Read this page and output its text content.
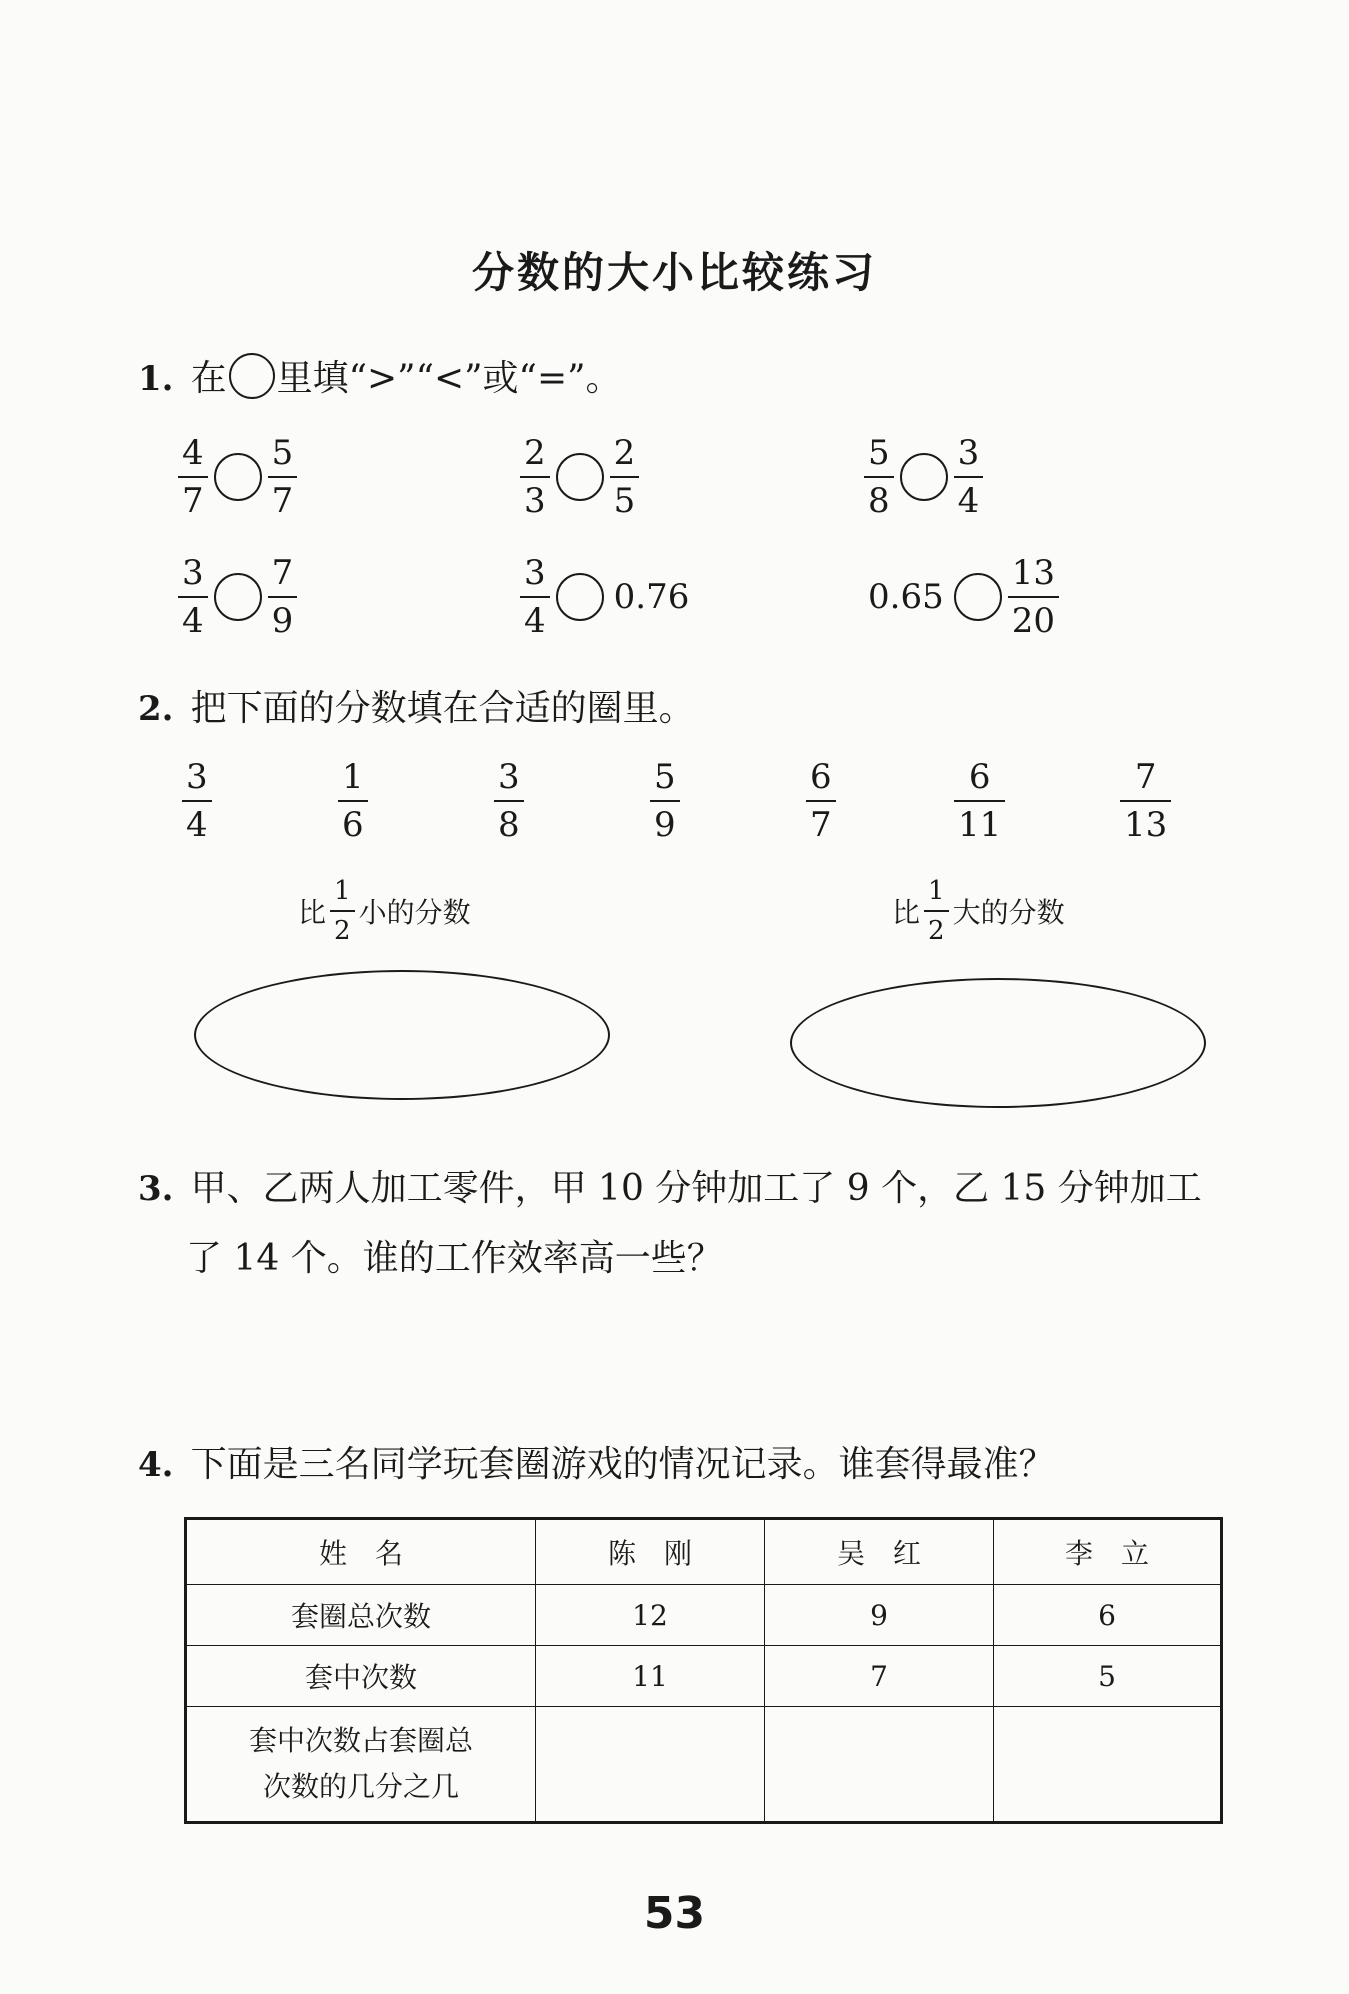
分数的大小比较练习
1. 在 里填“>”“<”或“=”。
$\frac{4}{7} \frac{5}{7}$	$\frac{2}{3} \frac{2}{5}$	$\frac{5}{8} \frac{3}{4}$
$\frac{3}{4} \frac{7}{9}$	$\frac{3}{4} 0.76$	$0.65 \frac{13}{20}$
2. 把下面的分数填在合适的圈里。
$\frac{3}{4}$	$\frac{1}{6}$	$\frac{3}{8}$	$\frac{5}{9}$	$\frac{6}{7}$	$\frac{6}{11}$	$\frac{7}{13}$
比 $\frac{1}{2}$ 小的分数	比 $\frac{1}{2}$ 大的分数
3. 甲、乙两人加工零件，甲 10 分钟加工了 9 个，乙 15 分钟加工
了 14 个。谁的工作效率高一些？
4. 下面是三名同学玩套圈游戏的情况记录。谁套得最准？
姓　名	陈　刚	吴　红	李　立
套圈总次数	12	9	6
套中次数	11	7	5

套中次数占套圈总
次数的几分之几			

53
